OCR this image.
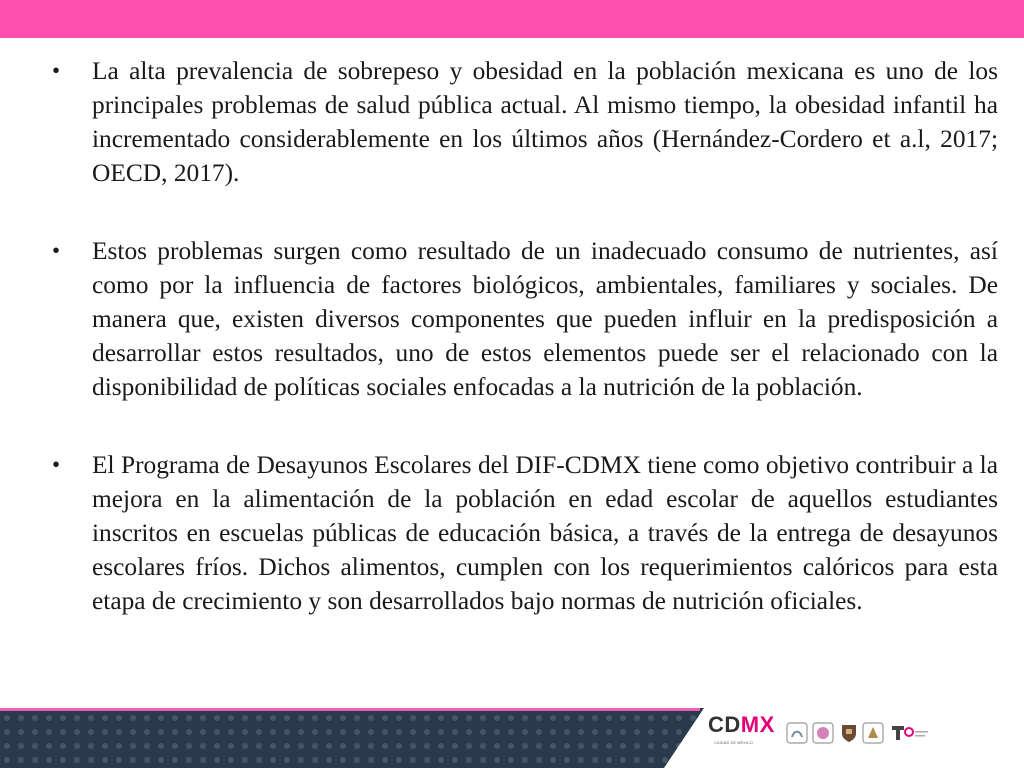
•	La alta prevalencia de sobrepeso y obesidad en la población mexicana es uno de los principales problemas de salud pública actual. Al mismo tiempo, la obesidad infantil ha incrementado considerablemente en los últimos años (Hernández-Cordero et a.l, 2017; OECD, 2017).
•	Estos problemas surgen como resultado de un inadecuado consumo de nutrientes, así como por la influencia de factores biológicos, ambientales, familiares y sociales. De manera que, existen diversos componentes que pueden influir en la predisposición a desarrollar estos resultados, uno de estos elementos puede ser el relacionado con la disponibilidad de políticas sociales enfocadas a la nutrición de la población.
•	El Programa de Desayunos Escolares del DIF-CDMX tiene como objetivo contribuir a la mejora en la alimentación de la población en edad escolar de aquellos estudiantes inscritos en escuelas públicas de educación básica, a través de la entrega de desayunos escolares fríos. Dichos alimentos, cumplen con los requerimientos calóricos para esta etapa de crecimiento y son desarrollados bajo normas de nutrición oficiales.
CDMX
CIUDAD DE MÉXICO
